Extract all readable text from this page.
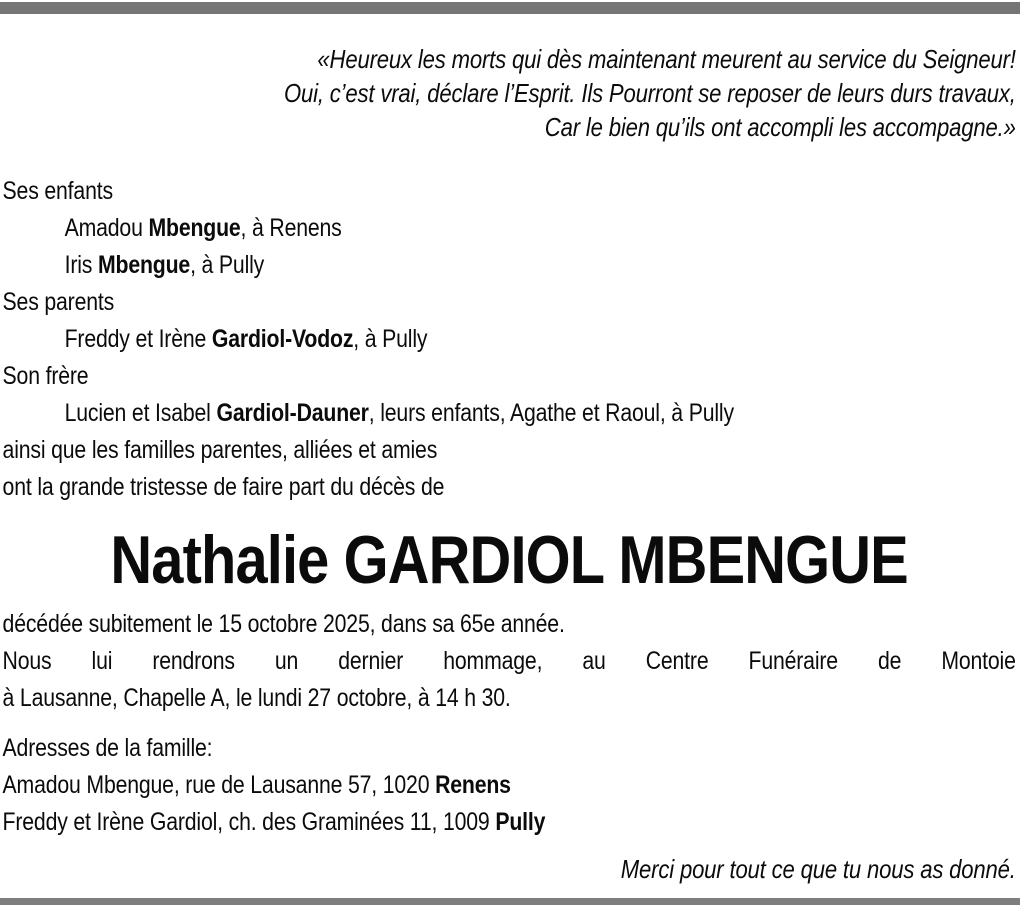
«Heureux les morts qui dès maintenant meurent au service du Seigneur!
Oui, c’est vrai, déclare l’Esprit. Ils Pourront se reposer de leurs durs travaux,
Car le bien qu’ils ont accompli les accompagne.»
Ses enfants
Amadou Mbengue, à Renens
Iris Mbengue, à Pully
Ses parents
Freddy et Irène Gardiol-Vodoz, à Pully
Son frère
Lucien et Isabel Gardiol-Dauner, leurs enfants, Agathe et Raoul, à Pully
ainsi que les familles parentes, alliées et amies
ont la grande tristesse de faire part du décès de
Nathalie GARDIOL MBENGUE
décédée subitement le 15 octobre 2025, dans sa 65e année.
Nous lui rendrons un dernier hommage, au Centre Funéraire de Montoie
à Lausanne, Chapelle A, le lundi 27 octobre, à 14 h 30.
Adresses de la famille:
Amadou Mbengue, rue de Lausanne 57, 1020 Renens
Freddy et Irène Gardiol, ch. des Graminées 11, 1009 Pully
Merci pour tout ce que tu nous as donné.
